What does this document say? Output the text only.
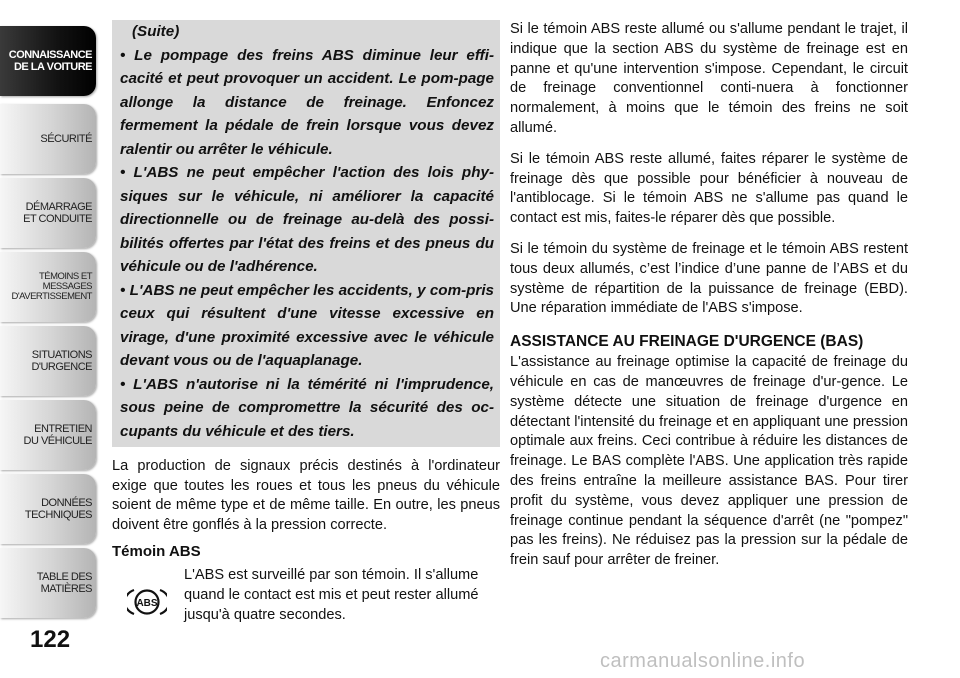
CONNAISSANCE
DE LA VOITURE
SÉCURITÉ
DÉMARRAGE
ET CONDUITE
TÉMOINS ET
MESSAGES
D'AVERTISSEMENT
SITUATIONS
D'URGENCE
ENTRETIEN
DU VÉHICULE
DONNÉES
TECHNIQUES
TABLE DES
MATIÈRES
122
(Suite)

• Le pompage des freins ABS diminue leur effi-cacité et peut provoquer un accident. Le pom-page allonge la distance de freinage. Enfoncez fermement la pédale de frein lorsque vous devez ralentir ou arrêter le véhicule.

• L'ABS ne peut empêcher l'action des lois phy-siques sur le véhicule, ni améliorer la capacité directionnelle ou de freinage au-delà des possi-bilités offertes par l'état des freins et des pneus du véhicule ou de l'adhérence.

• L'ABS ne peut empêcher les accidents, y com-pris ceux qui résultent d'une vitesse excessive en virage, d'une proximité excessive avec le véhicule devant vous ou de l'aquaplanage.

• L'ABS n'autorise ni la témérité ni l'imprudence, sous peine de compromettre la sécurité des oc-cupants du véhicule et des tiers.

La production de signaux précis destinés à l'ordinateur exige que toutes les roues et tous les pneus du véhicule soient de même type et de même taille. En outre, les pneus doivent être gonflés à la pression correcte.

Témoin ABS
ABS
L'ABS est surveillé par son témoin. Il s'allume quand le contact est mis et peut rester allumé jusqu'à quatre secondes.

Si le témoin ABS reste allumé ou s'allume pendant le trajet, il indique que la section ABS du système de freinage est en panne et qu'une intervention s'impose. Cependant, le circuit de freinage conventionnel conti-nuera à fonctionner normalement, à moins que le témoin des freins ne soit allumé.

Si le témoin ABS reste allumé, faites réparer le système de freinage dès que possible pour bénéficier à nouveau de l'antiblocage. Si le témoin ABS ne s'allume pas quand le contact est mis, faites-le réparer dès que possible.

Si le témoin du système de freinage et le témoin ABS restent tous deux allumés, c’est l’indice d’une panne de l’ABS et du système de répartition de la puissance de freinage (EBD). Une réparation immédiate de l'ABS s'impose.

ASSISTANCE AU FREINAGE D'URGENCE (BAS)

L'assistance au freinage optimise la capacité de freinage du véhicule en cas de manœuvres de freinage d'ur-gence. Le système détecte une situation de freinage d'urgence en détectant l'intensité du freinage et en appliquant une pression optimale aux freins. Ceci contribue à réduire les distances de freinage. Le BAS complète l'ABS. Une application très rapide des freins entraîne la meilleure assistance BAS. Pour tirer profit du système, vous devez appliquer une pression de freinage continue pendant la séquence d'arrêt (ne "pompez" pas les freins). Ne réduisez pas la pression sur la pédale de frein sauf pour arrêter de freiner.

carmanualsonline.info
